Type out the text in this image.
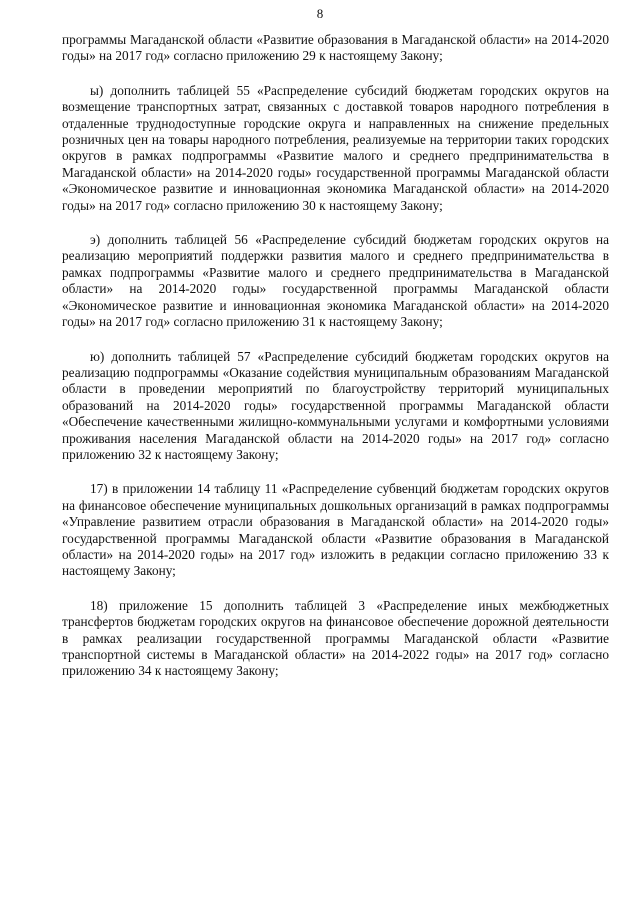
8

программы Магаданской области «Развитие образования в Магаданской области» на 2014-2020 годы» на 2017 год» согласно приложению 29 к настоящему Закону;

ы) дополнить таблицей 55 «Распределение субсидий бюджетам городских округов на возмещение транспортных затрат, связанных с доставкой товаров народного потребления в отдаленные труднодоступные городские округа и направленных на снижение предельных розничных цен на товары народного потребления, реализуемые на территории таких городских округов в рамках подпрограммы «Развитие малого и среднего предпринимательства в Магаданской области» на 2014-2020 годы» государственной программы Магаданской области «Экономическое развитие и инновационная экономика Магаданской области» на 2014-2020 годы» на 2017 год» согласно приложению 30 к настоящему Закону;

э) дополнить таблицей 56 «Распределение субсидий бюджетам городских округов на реализацию мероприятий поддержки развития малого и среднего предпринимательства в рамках подпрограммы «Развитие малого и среднего предпринимательства в Магаданской области» на 2014-2020 годы» государственной программы Магаданской области «Экономическое развитие и инновационная экономика Магаданской области» на 2014-2020 годы» на 2017 год» согласно приложению 31 к настоящему Закону;

ю) дополнить таблицей 57 «Распределение субсидий бюджетам городских округов на реализацию подпрограммы «Оказание содействия муниципальным образованиям Магаданской области в проведении мероприятий по благоустройству территорий муниципальных образований на 2014-2020 годы» государственной программы Магаданской области «Обеспечение качественными жилищно-коммунальными услугами и комфортными условиями проживания населения Магаданской области на 2014-2020 годы» на 2017 год» согласно приложению 32 к настоящему Закону;

17) в приложении 14 таблицу 11 «Распределение субвенций бюджетам городских округов на финансовое обеспечение муниципальных дошкольных организаций в рамках подпрограммы «Управление развитием отрасли образования в Магаданской области» на 2014-2020 годы» государственной программы Магаданской области «Развитие образования в Магаданской области» на 2014-2020 годы» на 2017 год» изложить в редакции согласно приложению 33 к настоящему Закону;

18) приложение 15 дополнить таблицей 3 «Распределение иных межбюджетных трансфертов бюджетам городских округов на финансовое обеспечение дорожной деятельности в рамках реализации государственной программы Магаданской области «Развитие транспортной системы в Магаданской области» на 2014-2022 годы» на 2017 год» согласно приложению 34 к настоящему Закону;
